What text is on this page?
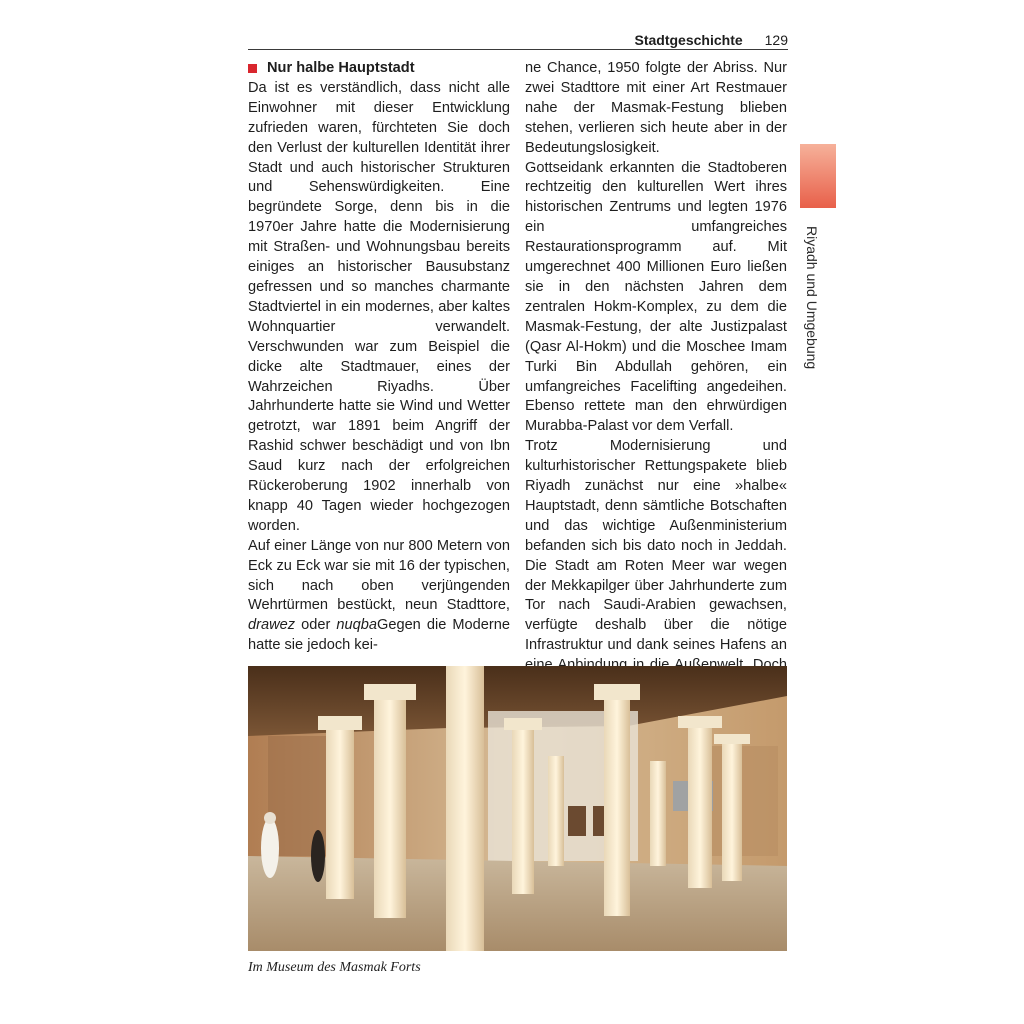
Stadtgeschichte 129
Riyadh und Umgebung
Nur halbe Hauptstadt

Da ist es verständlich, dass nicht alle Einwohner mit dieser Entwicklung zufrieden waren, fürchteten Sie doch den Verlust der kulturellen Identität ihrer Stadt und auch historischer Strukturen und Sehenswürdigkeiten. Eine begründete Sorge, denn bis in die 1970er Jahre hatte die Modernisierung mit Straßen- und Wohnungsbau bereits einiges an historischer Bausubstanz gefressen und so manches charmante Stadtviertel in ein modernes, aber kaltes Wohnquartier verwandelt. Verschwunden war zum Beispiel die dicke alte Stadtmauer, eines der Wahrzeichen Riyadhs. Über Jahrhunderte hatte sie Wind und Wetter getrotzt, war 1891 beim Angriff der Rashid schwer beschädigt und von Ibn Saud kurz nach der erfolgreichen Rückeroberung 1902 innerhalb von knapp 40 Tagen wieder hochgezogen worden.

Auf einer Länge von nur 800 Metern von Eck zu Eck war sie mit 16 der typischen, sich nach oben verjüngenden Wehrtürmen bestückt, neun Stadttore, drawez oder nuqbaGegen die Moderne hatte sie jedoch kei-

ne Chance, 1950 folgte der Abriss. Nur zwei Stadttore mit einer Art Restmauer nahe der Masmak-Festung blieben stehen, verlieren sich heute aber in der Bedeutungslosigkeit.

Gottseidank erkannten die Stadtoberen rechtzeitig den kulturellen Wert ihres historischen Zentrums und legten 1976 ein umfangreiches Restaurationsprogramm auf. Mit umgerechnet 400 Millionen Euro ließen sie in den nächsten Jahren dem zentralen Hokm-Komplex, zu dem die Masmak-Festung, der alte Justizpalast (Qasr Al-Hokm) und die Moschee Imam Turki Bin Abdullah gehören, ein umfangreiches Facelifting angedeihen. Ebenso rettete man den ehrwürdigen Murabba-Palast vor dem Verfall.

Trotz Modernisierung und kulturhistorischer Rettungspakete blieb Riyadh zunächst nur eine »halbe« Hauptstadt, denn sämtliche Botschaften und das wichtige Außenministerium befanden sich bis dato noch in Jeddah. Die Stadt am Roten Meer war wegen der Mekkapilger über Jahrhunderte zum Tor nach Saudi-Arabien gewachsen, verfügte deshalb über die nötige Infrastruktur und dank seines Hafens an

Im Museum des Masmak Forts
